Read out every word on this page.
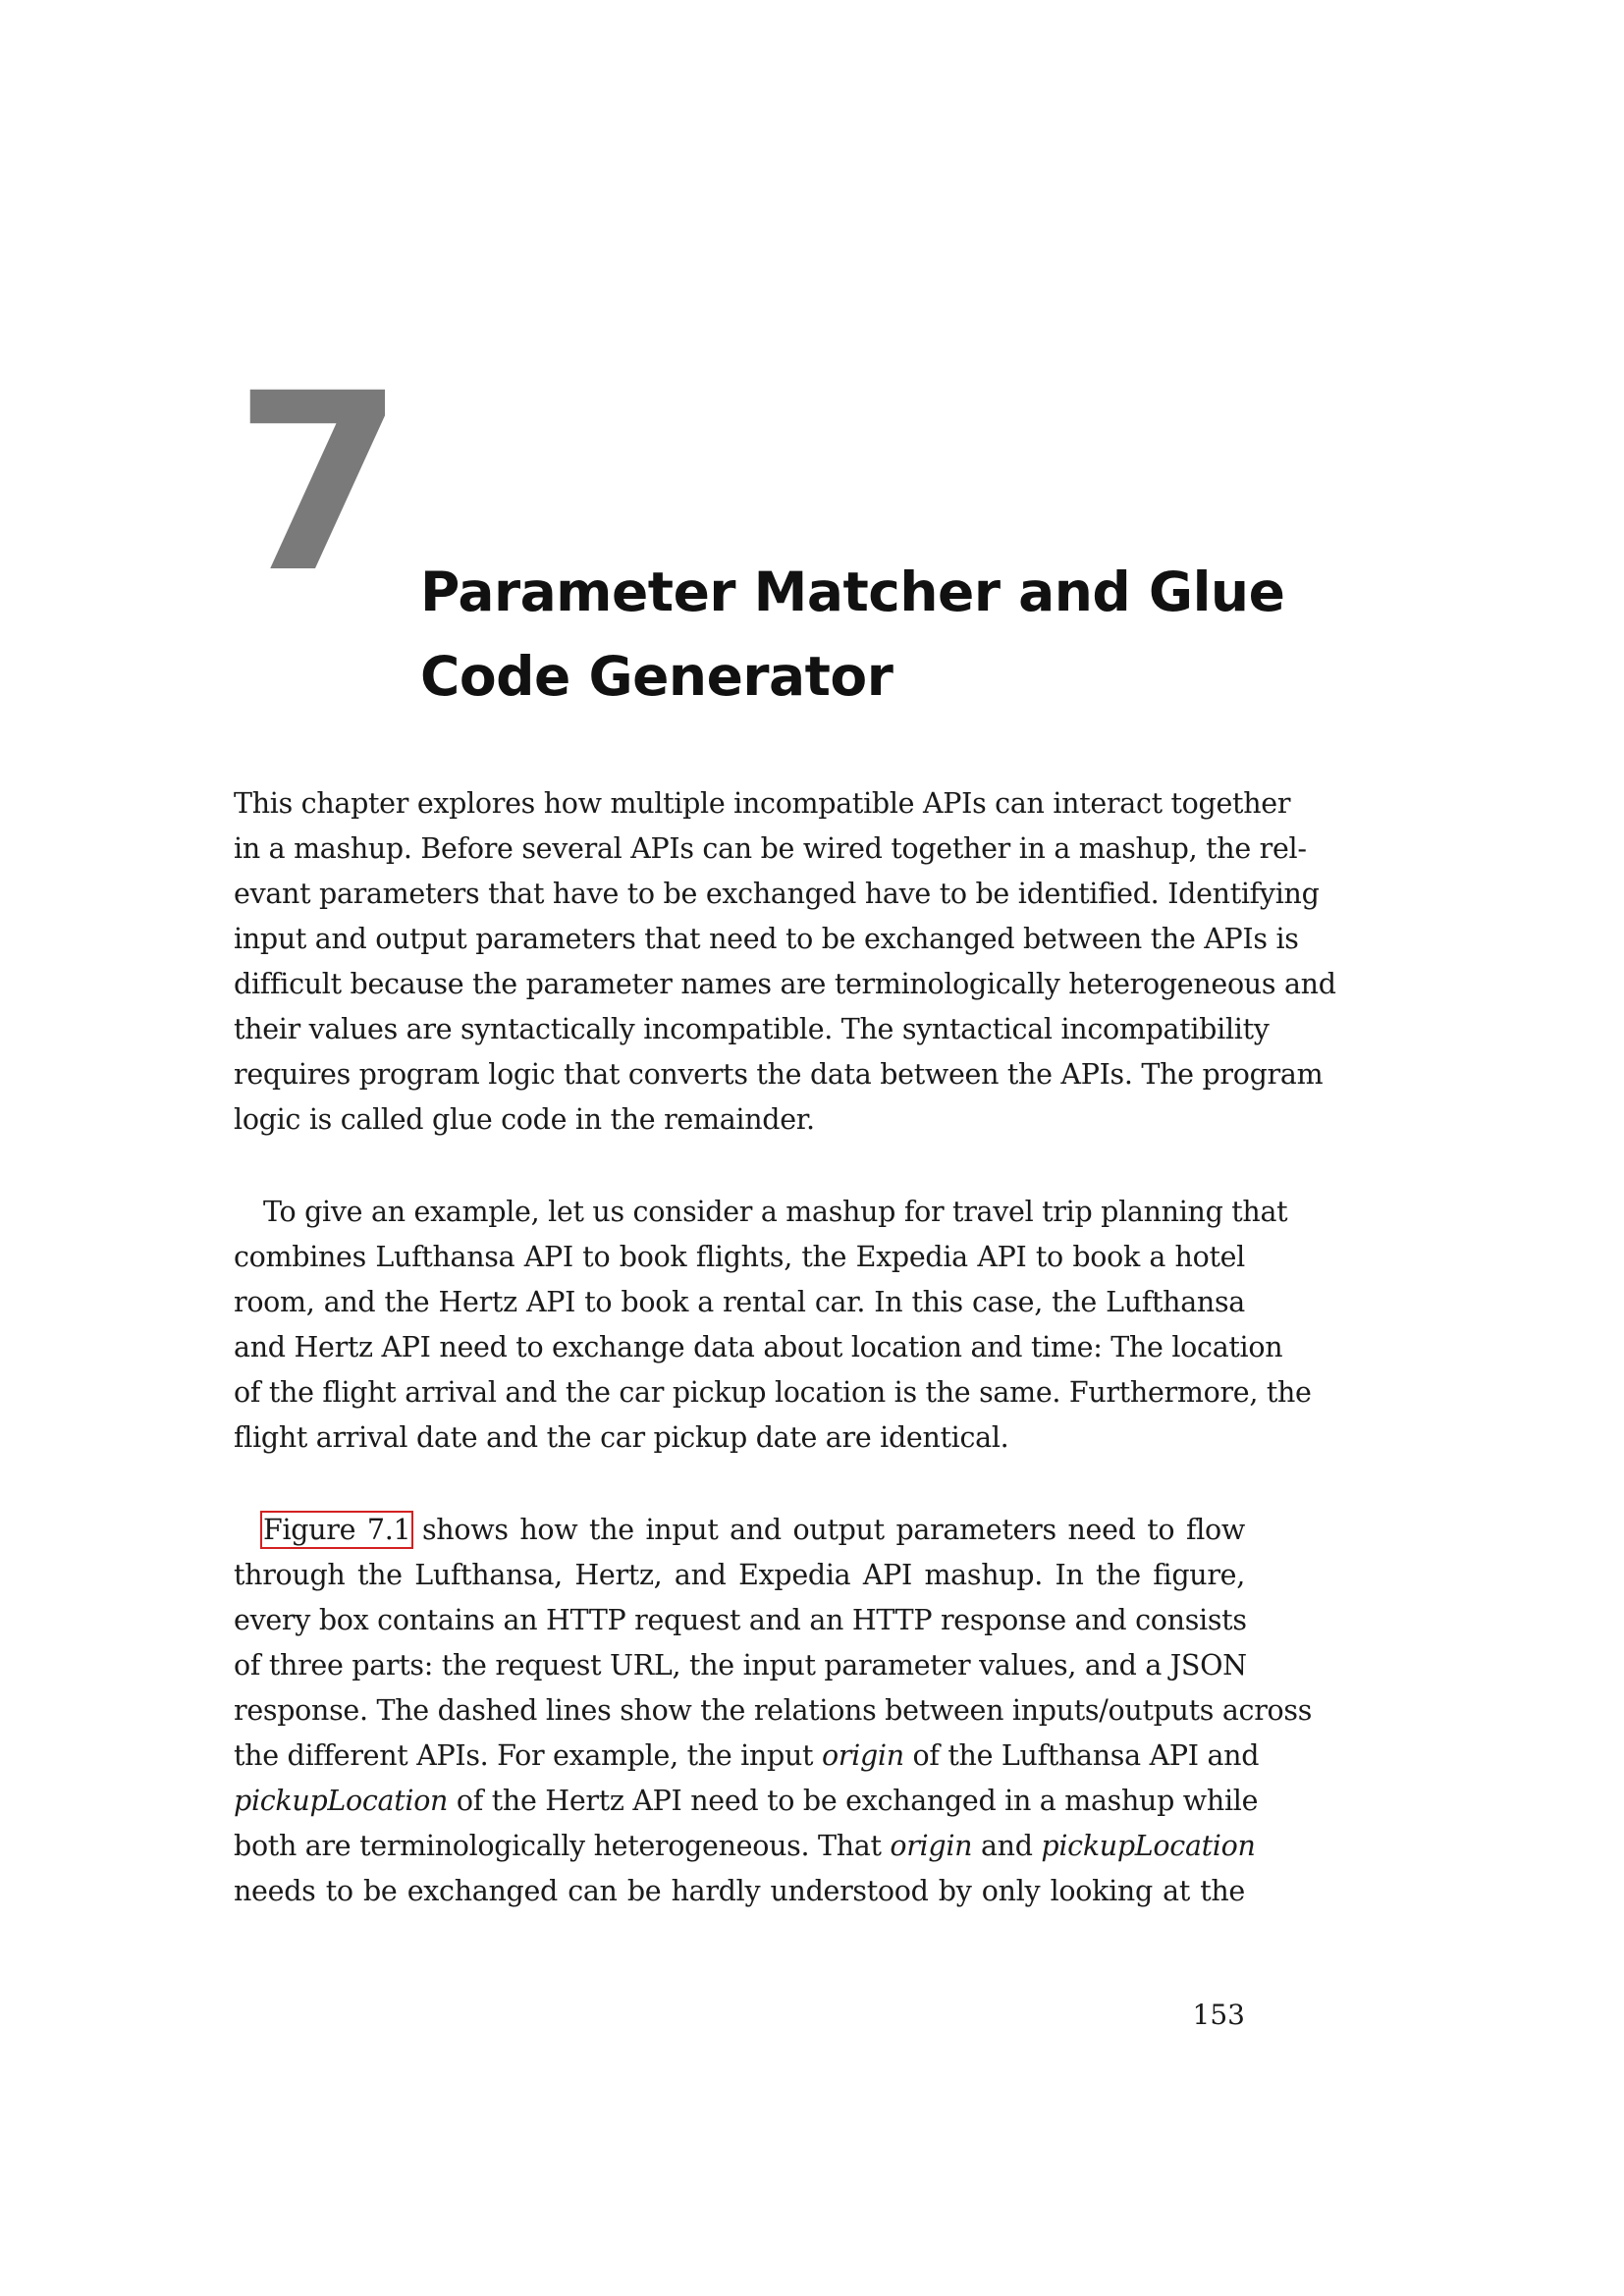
7 Parameter Matcher and Glue
Code Generator
This chapter explores how multiple incompatible APIs can interact together
in a mashup. Before several APIs can be wired together in a mashup, the rel-
evant parameters that have to be exchanged have to be identified. Identifying
input and output parameters that need to be exchanged between the APIs is
difficult because the parameter names are terminologically heterogeneous and
their values are syntactically incompatible. The syntactical incompatibility
requires program logic that converts the data between the APIs. The program
logic is called glue code in the remainder.
To give an example, let us consider a mashup for travel trip planning that
combines Lufthansa API to book flights, the Expedia API to book a hotel
room, and the Hertz API to book a rental car. In this case, the Lufthansa
and Hertz API need to exchange data about location and time: The location
of the flight arrival and the car pickup location is the same. Furthermore, the
flight arrival date and the car pickup date are identical.
Figure 7.1 shows how the input and output parameters need to flow
through the Lufthansa, Hertz, and Expedia API mashup. In the figure,
every box contains an HTTP request and an HTTP response and consists
of three parts: the request URL, the input parameter values, and a JSON
response. The dashed lines show the relations between inputs/outputs across
the different APIs. For example, the input origin of the Lufthansa API and
pickupLocation of the Hertz API need to be exchanged in a mashup while
both are terminologically heterogeneous. That origin and pickupLocation
needs to be exchanged can be hardly understood by only looking at the
153
